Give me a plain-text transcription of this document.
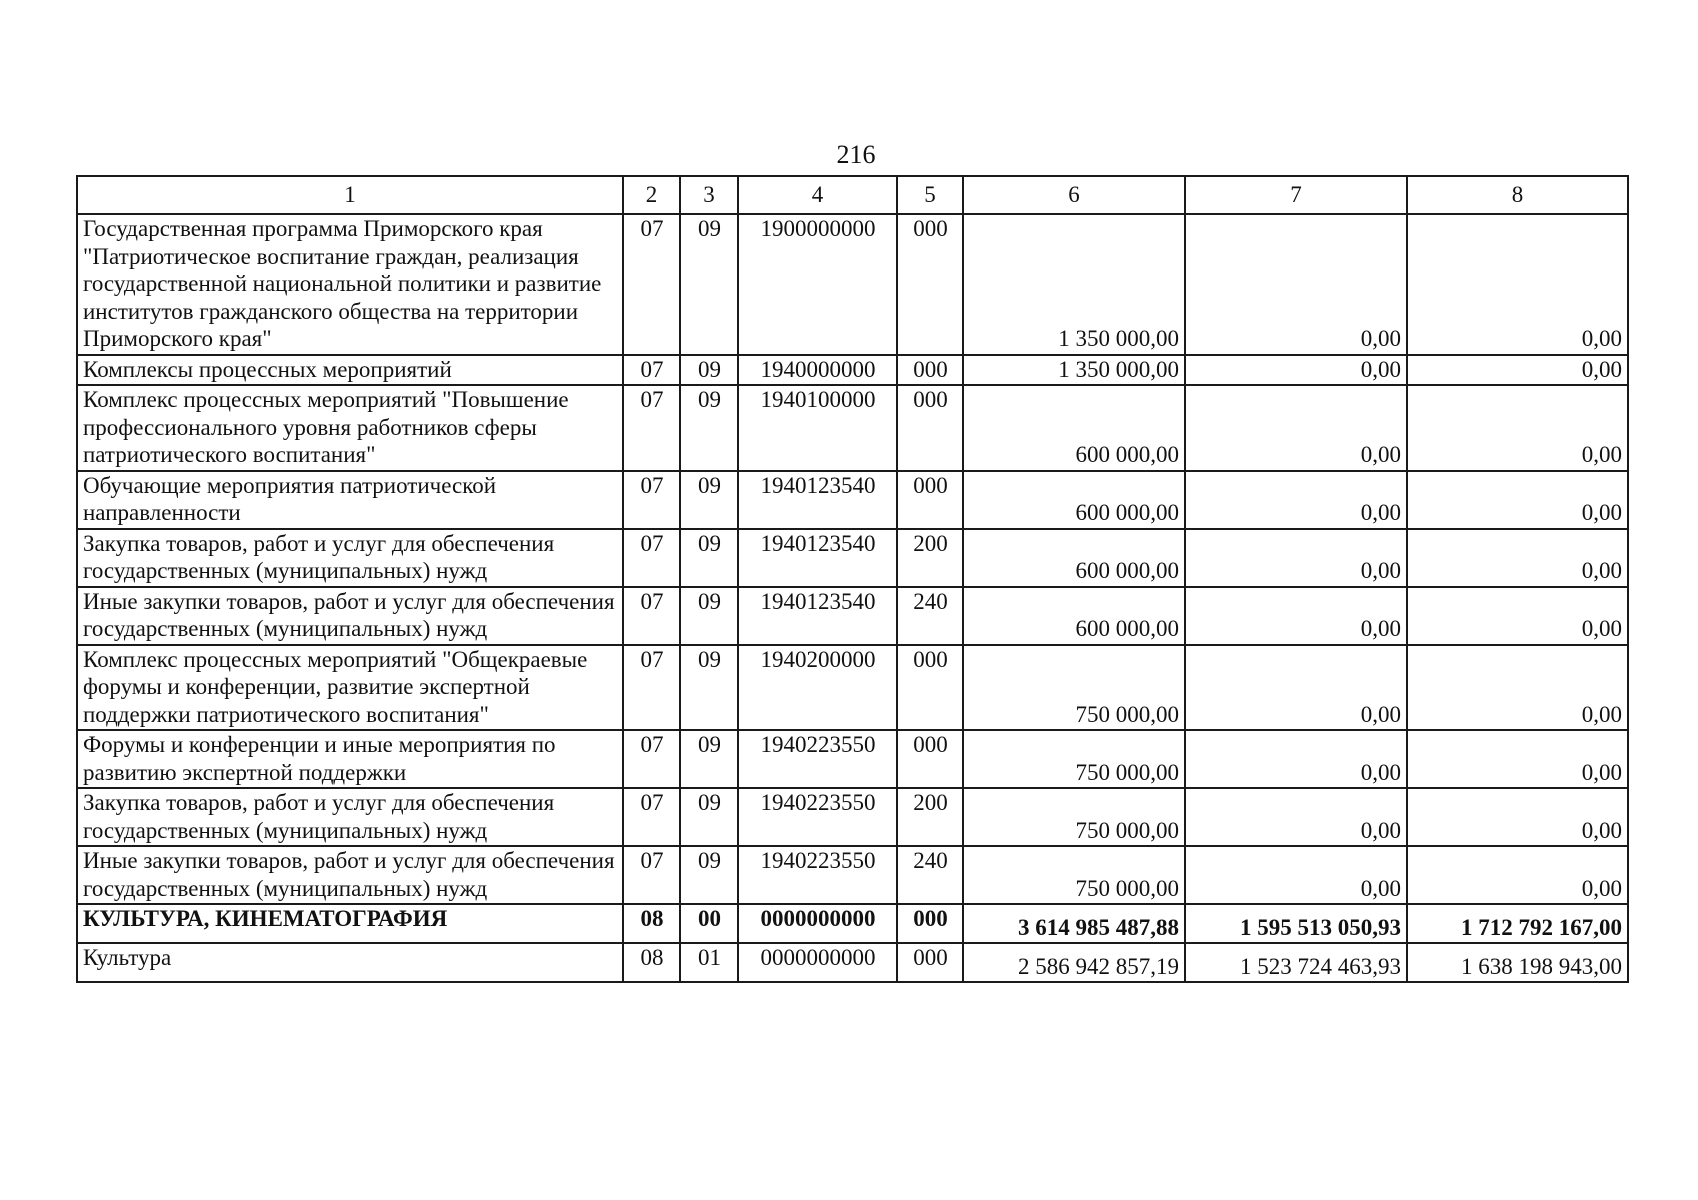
216
1	2	3	4	5	6	7	8
Государственная программа Приморского края "Патриотическое воспитание граждан, реализация государственной национальной политики и развитие институтов гражданского общества на территории Приморского края"	07	09	1900000000	000	1 350 000,00	0,00	0,00
Комплексы процессных мероприятий	07	09	1940000000	000	1 350 000,00	0,00	0,00
Комплекс процессных мероприятий "Повышение профессионального уровня работников сферы патриотического воспитания"	07	09	1940100000	000	600 000,00	0,00	0,00
Обучающие мероприятия патриотической направленности	07	09	1940123540	000	600 000,00	0,00	0,00
Закупка товаров, работ и услуг для обеспечения государственных (муниципальных) нужд	07	09	1940123540	200	600 000,00	0,00	0,00
Иные закупки товаров, работ и услуг для обеспечения государственных (муниципальных) нужд	07	09	1940123540	240	600 000,00	0,00	0,00
Комплекс процессных мероприятий "Общекраевые форумы и конференции, развитие экспертной поддержки патриотического воспитания"	07	09	1940200000	000	750 000,00	0,00	0,00
Форумы и конференции и иные мероприятия по развитию экспертной поддержки	07	09	1940223550	000	750 000,00	0,00	0,00
Закупка товаров, работ и услуг для обеспечения государственных (муниципальных) нужд	07	09	1940223550	200	750 000,00	0,00	0,00
Иные закупки товаров, работ и услуг для обеспечения государственных (муниципальных) нужд	07	09	1940223550	240	750 000,00	0,00	0,00
КУЛЬТУРА, КИНЕМАТОГРАФИЯ	08	00	0000000000	000	3 614 985 487,88	1 595 513 050,93	1 712 792 167,00
Культура	08	01	0000000000	000	2 586 942 857,19	1 523 724 463,93	1 638 198 943,00
